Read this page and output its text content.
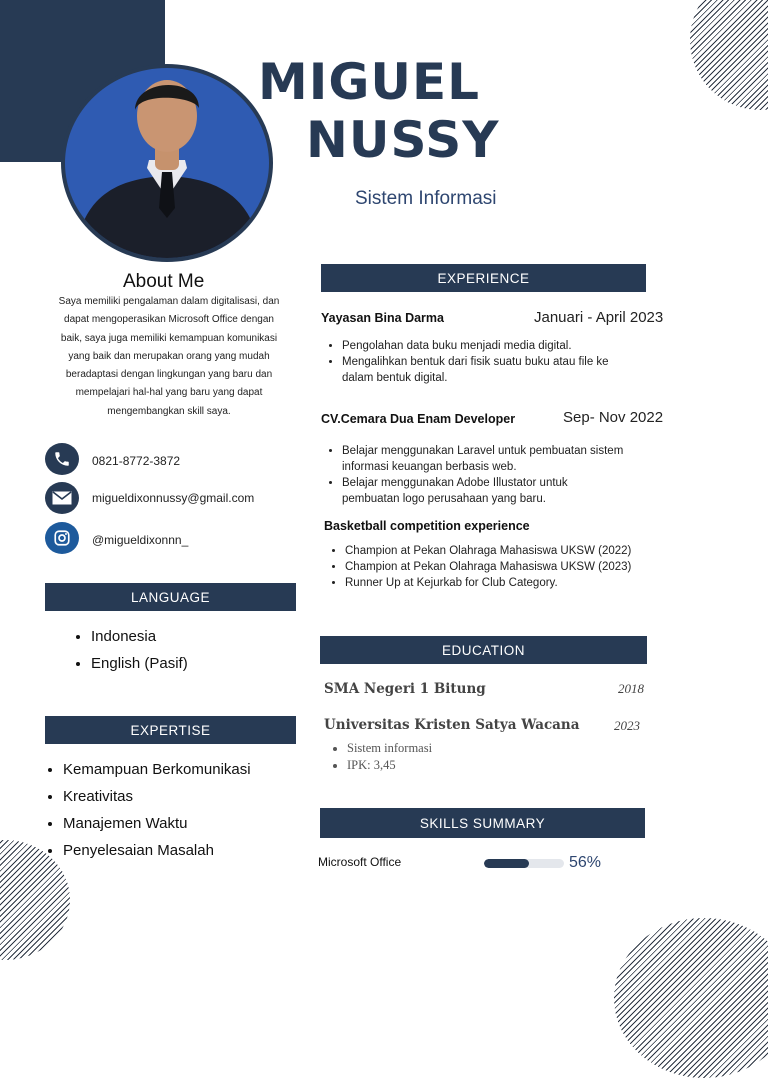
MIGUEL
NUSSY
Sistem Informasi
About Me
Saya memiliki pengalaman dalam digitalisasi, dan
dapat mengoperasikan Microsoft Office dengan
baik, saya juga memiliki kemampuan komunikasi
yang baik dan merupakan orang yang mudah
beradaptasi dengan lingkungan yang baru dan
mempelajari hal-hal yang baru yang dapat
mengembangkan skill saya.
0821-8772-3872
migueldixonnussy@gmail.com
@migueldixonnn_
LANGUAGE
• Indonesia
• English (Pasif)
EXPERTISE
• Kemampuan Berkomunikasi
• Kreativitas
• Manajemen Waktu
• Penyelesaian Masalah
EXPERIENCE
Yayasan Bina Darma	Januari - April 2023
• Pengolahan data buku menjadi media digital.
• Mengalihkan bentuk dari fisik suatu buku atau file ke
dalam bentuk digital.
CV.Cemara Dua Enam Developer	Sep- Nov 2022
• Belajar menggunakan Laravel untuk pembuatan sistem
informasi keuangan berbasis web.
• Belajar menggunakan Adobe Illustator untuk
pembuatan logo perusahaan yang baru.
Basketball competition experience
• Champion at Pekan Olahraga Mahasiswa UKSW (2022)
• Champion at Pekan Olahraga Mahasiswa UKSW (2023)
• Runner Up at Kejurkab for Club Category.
EDUCATION
SMA Negeri 1 Bitung	2018
Universitas Kristen Satya Wacana	2023
• Sistem informasi
• IPK: 3,45
SKILLS SUMMARY
Microsoft Office	56%
